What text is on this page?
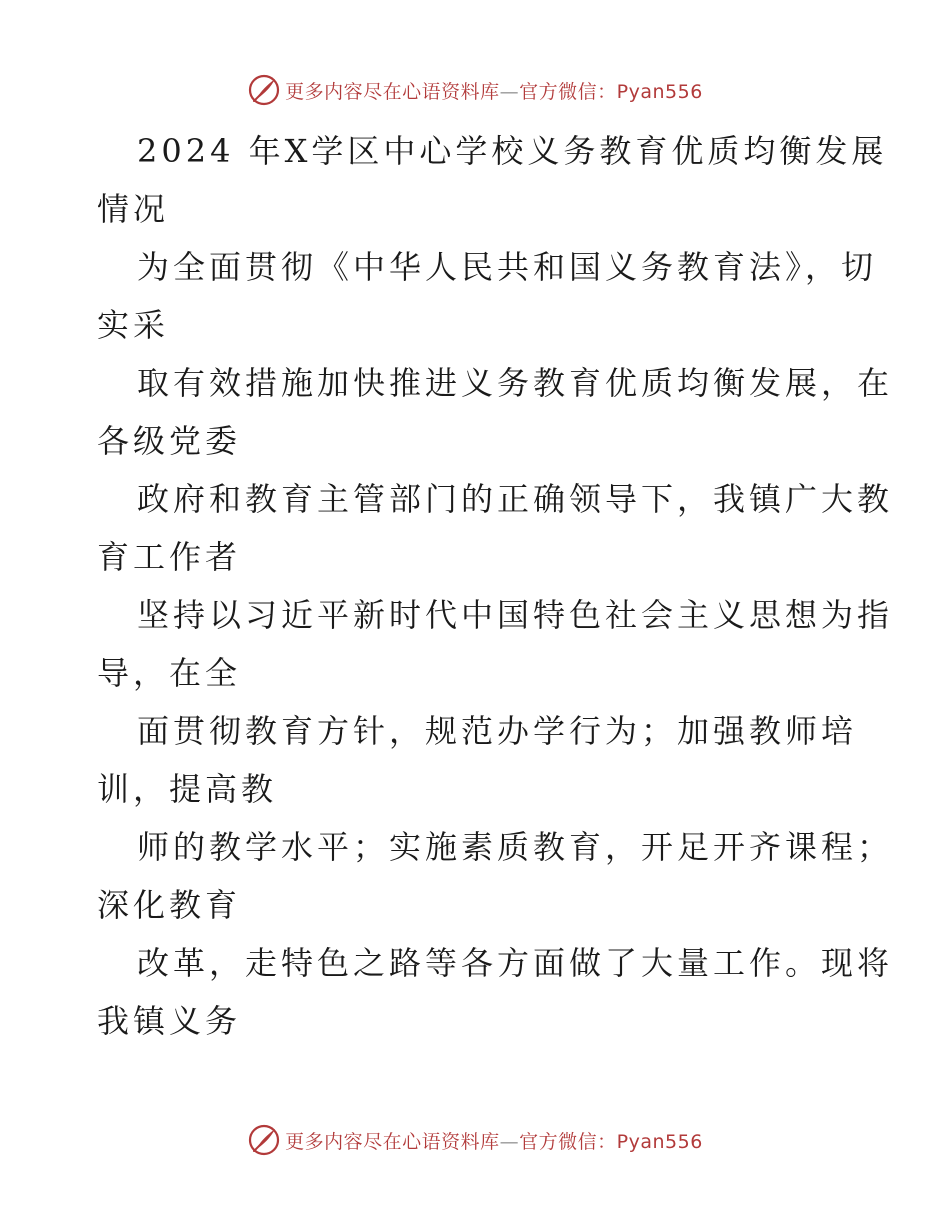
更多内容尽在心语资料库—官方微信：Pyan556
2024 年X学区中心学校义务教育优质均衡发展
情况
为全面贯彻《中华人民共和国义务教育法》，切
实采
取有效措施加快推进义务教育优质均衡发展，在
各级党委
政府和教育主管部门的正确领导下，我镇广大教
育工作者
坚持以习近平新时代中国特色社会主义思想为指
导，在全
面贯彻教育方针，规范办学行为；加强教师培
训，提高教
师的教学水平；实施素质教育，开足开齐课程；
深化教育
改革，走特色之路等各方面做了大量工作。现将
我镇义务
更多内容尽在心语资料库—官方微信：Pyan556
